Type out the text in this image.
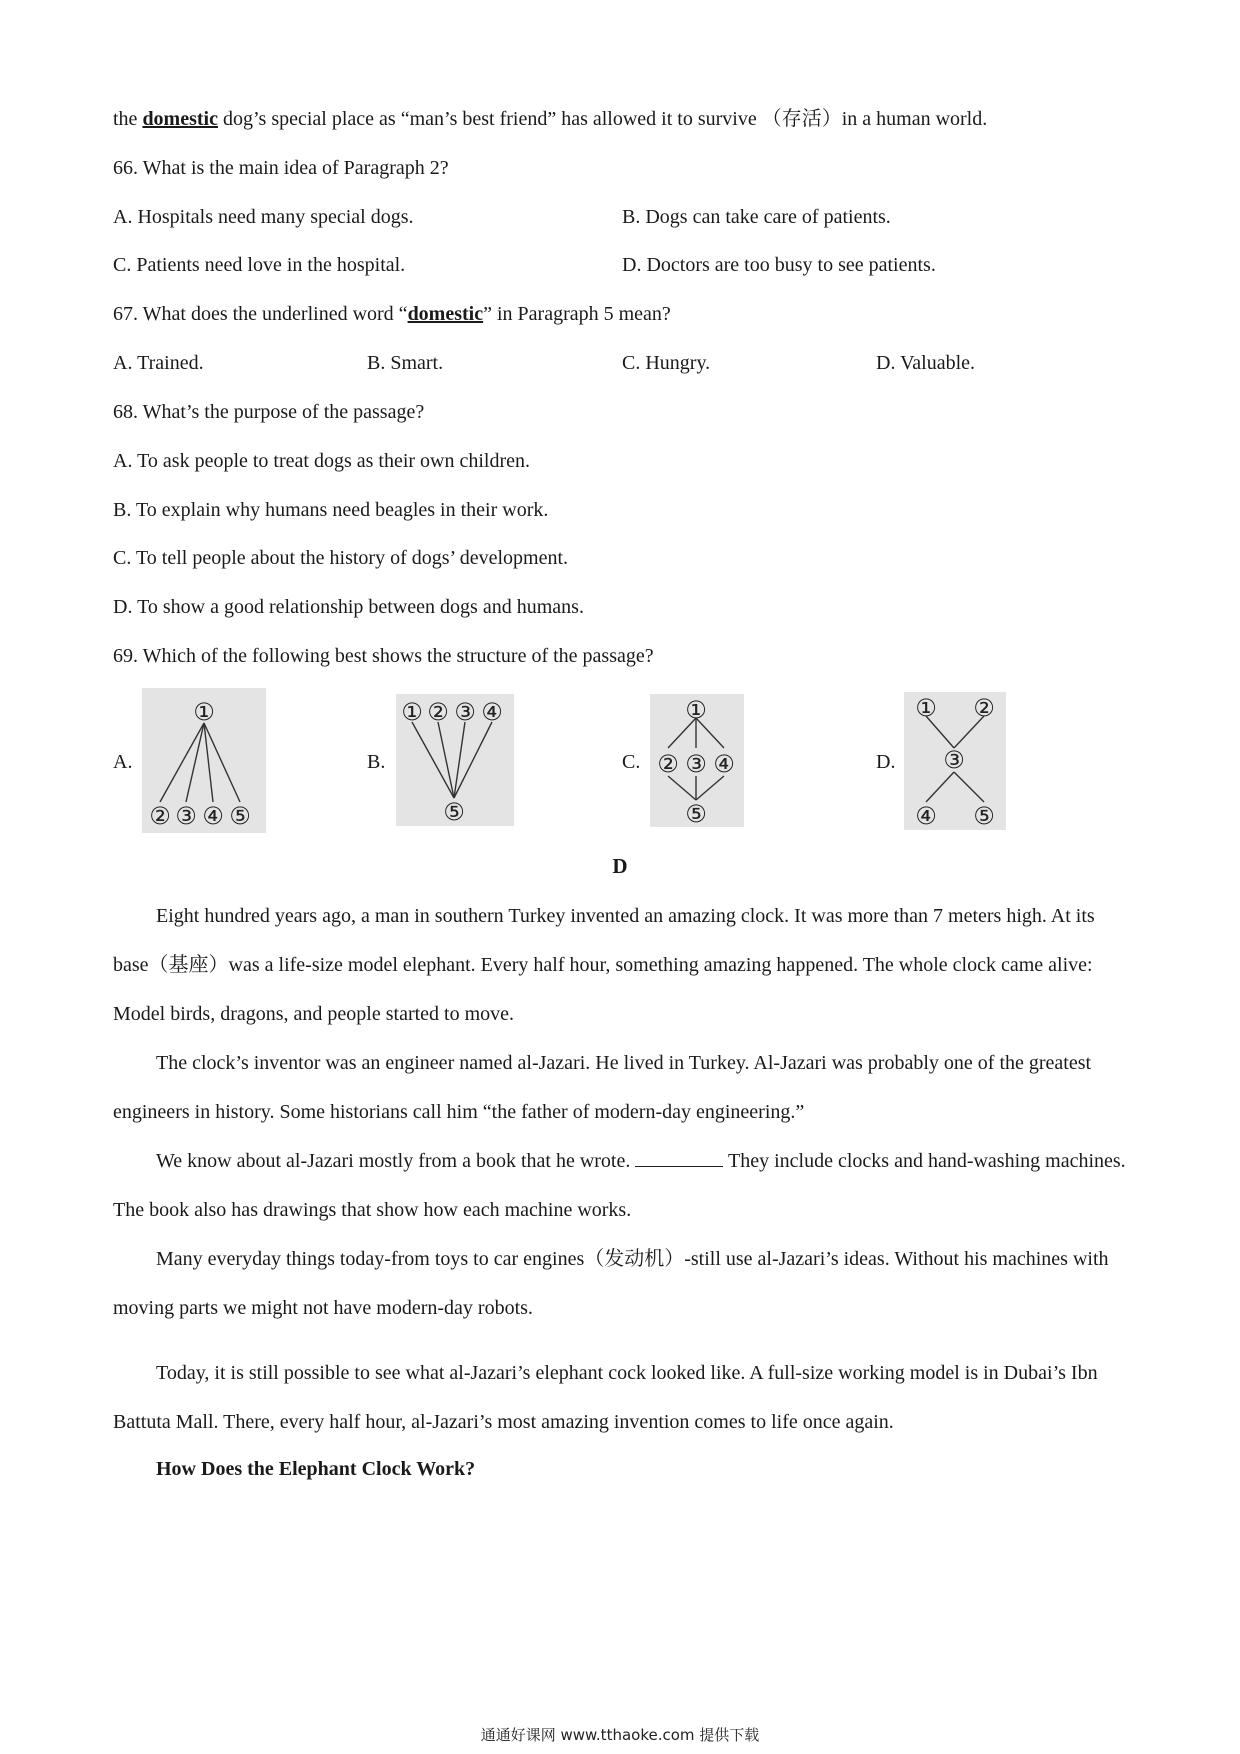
the domestic dog’s special place as “man’s best friend” has allowed it to survive （存活）in a human world.
66. What is the main idea of Paragraph 2?
A. Hospitals need many special dogs.	B. Dogs can take care of patients.
C. Patients need love in the hospital.	D. Doctors are too busy to see patients.
67. What does the underlined word “domestic” in Paragraph 5 mean?
A. Trained.	B. Smart.	C. Hungry.	D. Valuable.
68. What’s the purpose of the passage?
A. To ask people to treat dogs as their own children.
B. To explain why humans need beagles in their work.
C. To tell people about the history of dogs’ development.
D. To show a good relationship between dogs and humans.
69. Which of the following best shows the structure of the passage?
A.	B.	C.	D.
①
② ③ ④ ⑤
① ② ③ ④
⑤
①
② ③ ④
⑤
① ②
③
④ ⑤
D
Eight hundred years ago, a man in southern Turkey invented an amazing clock. It was more than 7 meters high. At its base（基座）was a life-size model elephant. Every half hour, something amazing happened. The whole clock came alive: Model birds, dragons, and people started to move.
The clock’s inventor was an engineer named al-Jazari. He lived in Turkey. Al-Jazari was probably one of the greatest engineers in history. Some historians call him “the father of modern-day engineering.”
We know about al-Jazari mostly from a book that he wrote.	They include clocks and hand-washing machines. The book also has drawings that show how each machine works.
Many everyday things today-from toys to car engines（发动机）-still use al-Jazari’s ideas. Without his machines with moving parts we might not have modern-day robots.
Today, it is still possible to see what al-Jazari’s elephant cock looked like. A full-size working model is in Dubai’s Ibn Battuta Mall. There, every half hour, al-Jazari’s most amazing invention comes to life once again.
How Does the Elephant Clock Work?
通通好课网 www.tthaoke.com 提供下载
